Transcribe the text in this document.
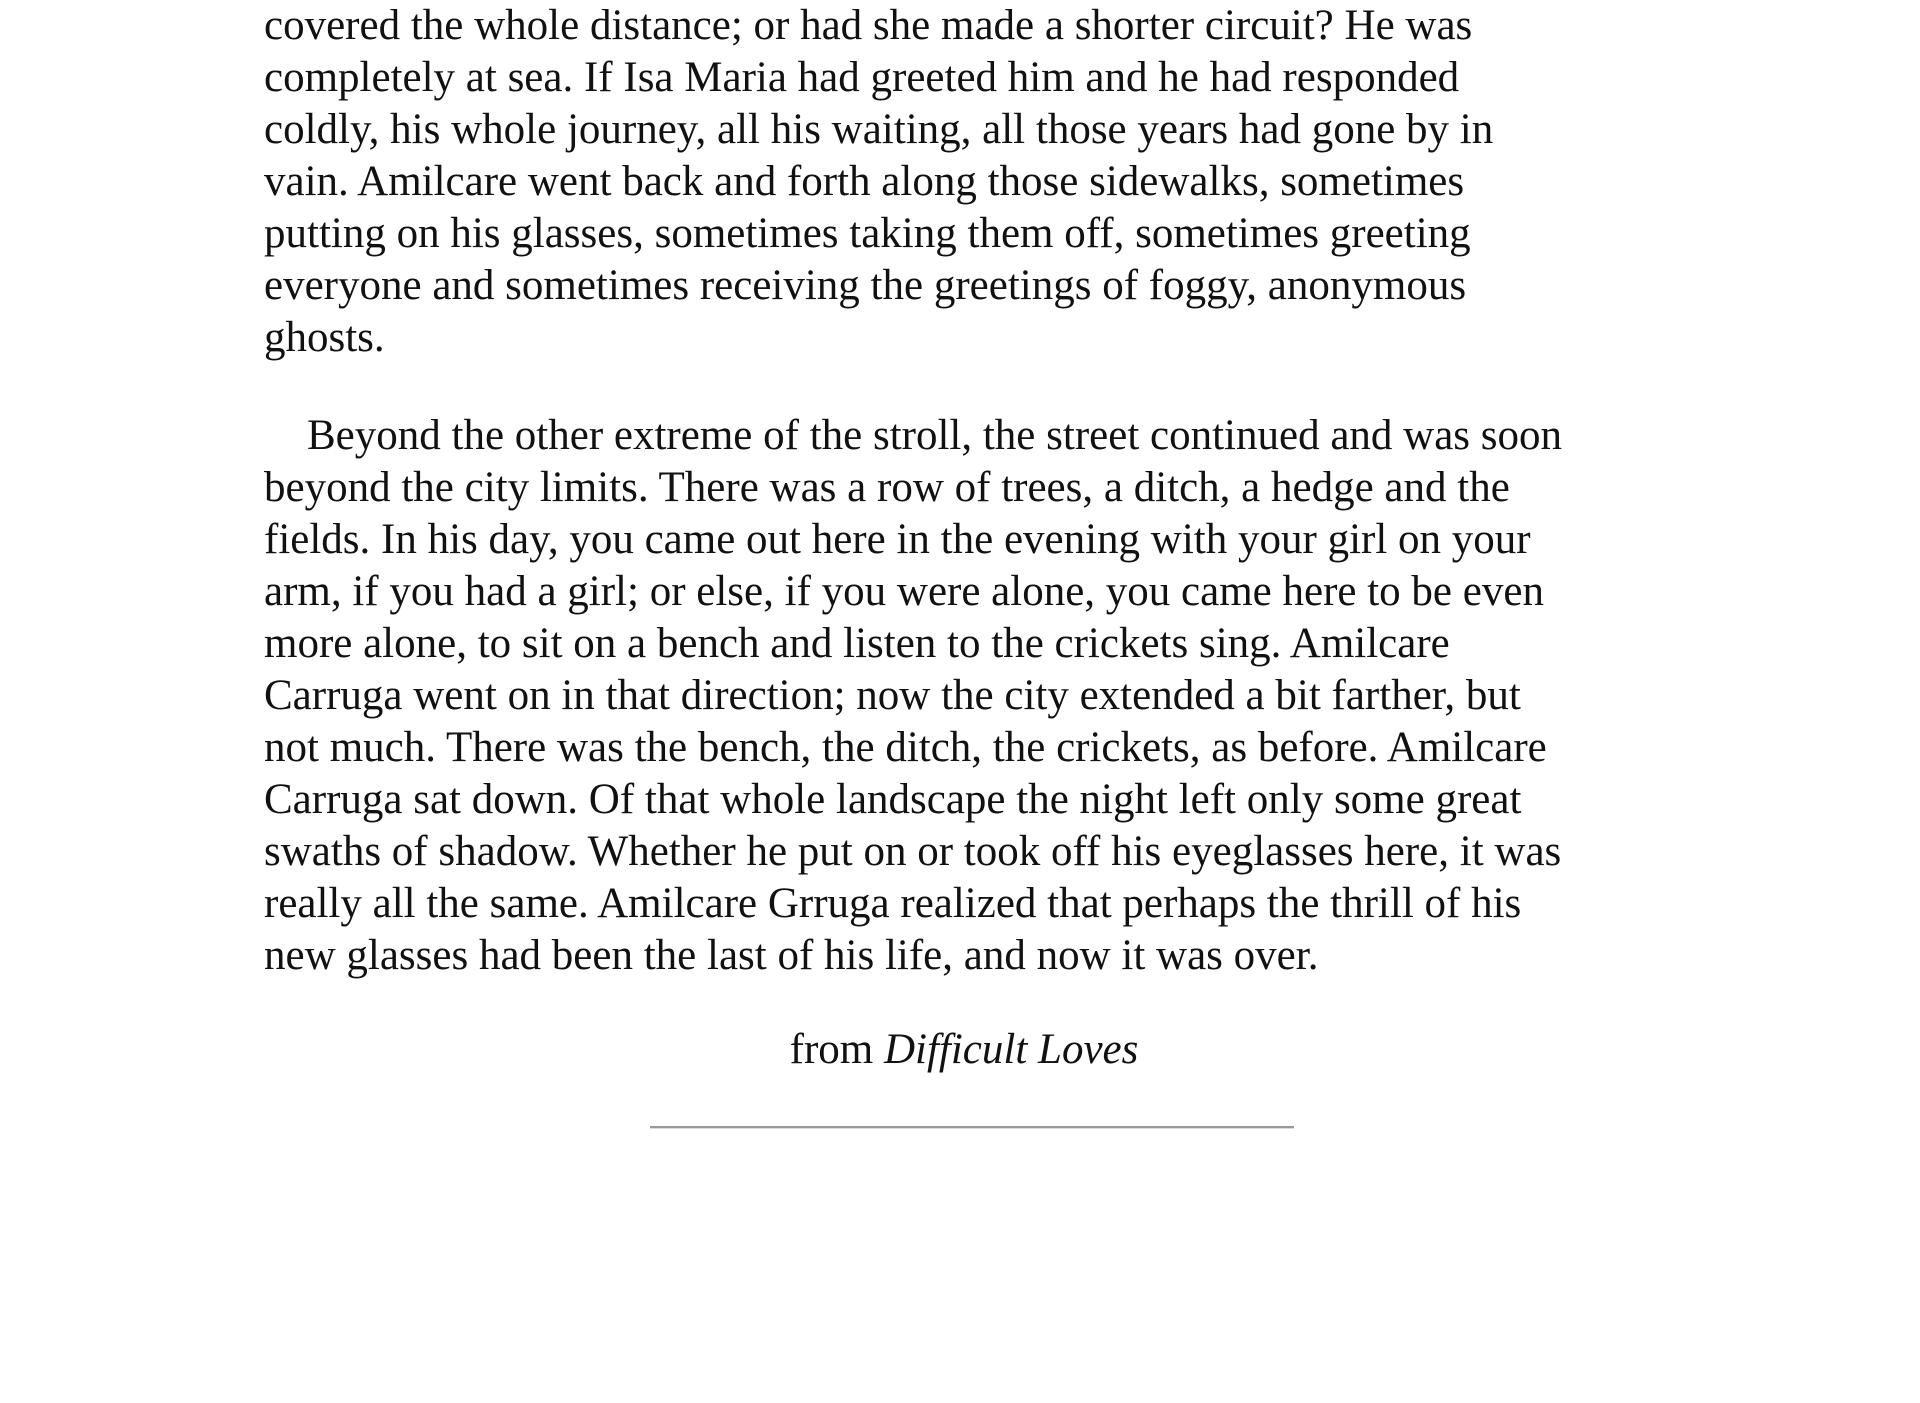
covered the whole distance; or had she made a shorter circuit? He was
completely at sea. If Isa Maria had greeted him and he had responded
coldly, his whole journey, all his waiting, all those years had gone by in
vain. Amilcare went back and forth along those sidewalks, sometimes
putting on his glasses, sometimes taking them off, sometimes greeting
everyone and sometimes receiving the greetings of foggy, anonymous
ghosts.
 Beyond the other extreme of the stroll, the street continued and was soon
beyond the city limits. There was a row of trees, a ditch, a hedge and the
fields. In his day, you came out here in the evening with your girl on your
arm, if you had a girl; or else, if you were alone, you came here to be even
more alone, to sit on a bench and listen to the crickets sing. Amilcare
Carruga went on in that direction; now the city extended a bit farther, but
not much. There was the bench, the ditch, the crickets, as before. Amilcare
Carruga sat down. Of that whole landscape the night left only some great
swaths of shadow. Whether he put on or took off his eyeglasses here, it was
really all the same. Amilcare Grruga realized that perhaps the thrill of his
new glasses had been the last of his life, and now it was over.
from Difficult Loves
